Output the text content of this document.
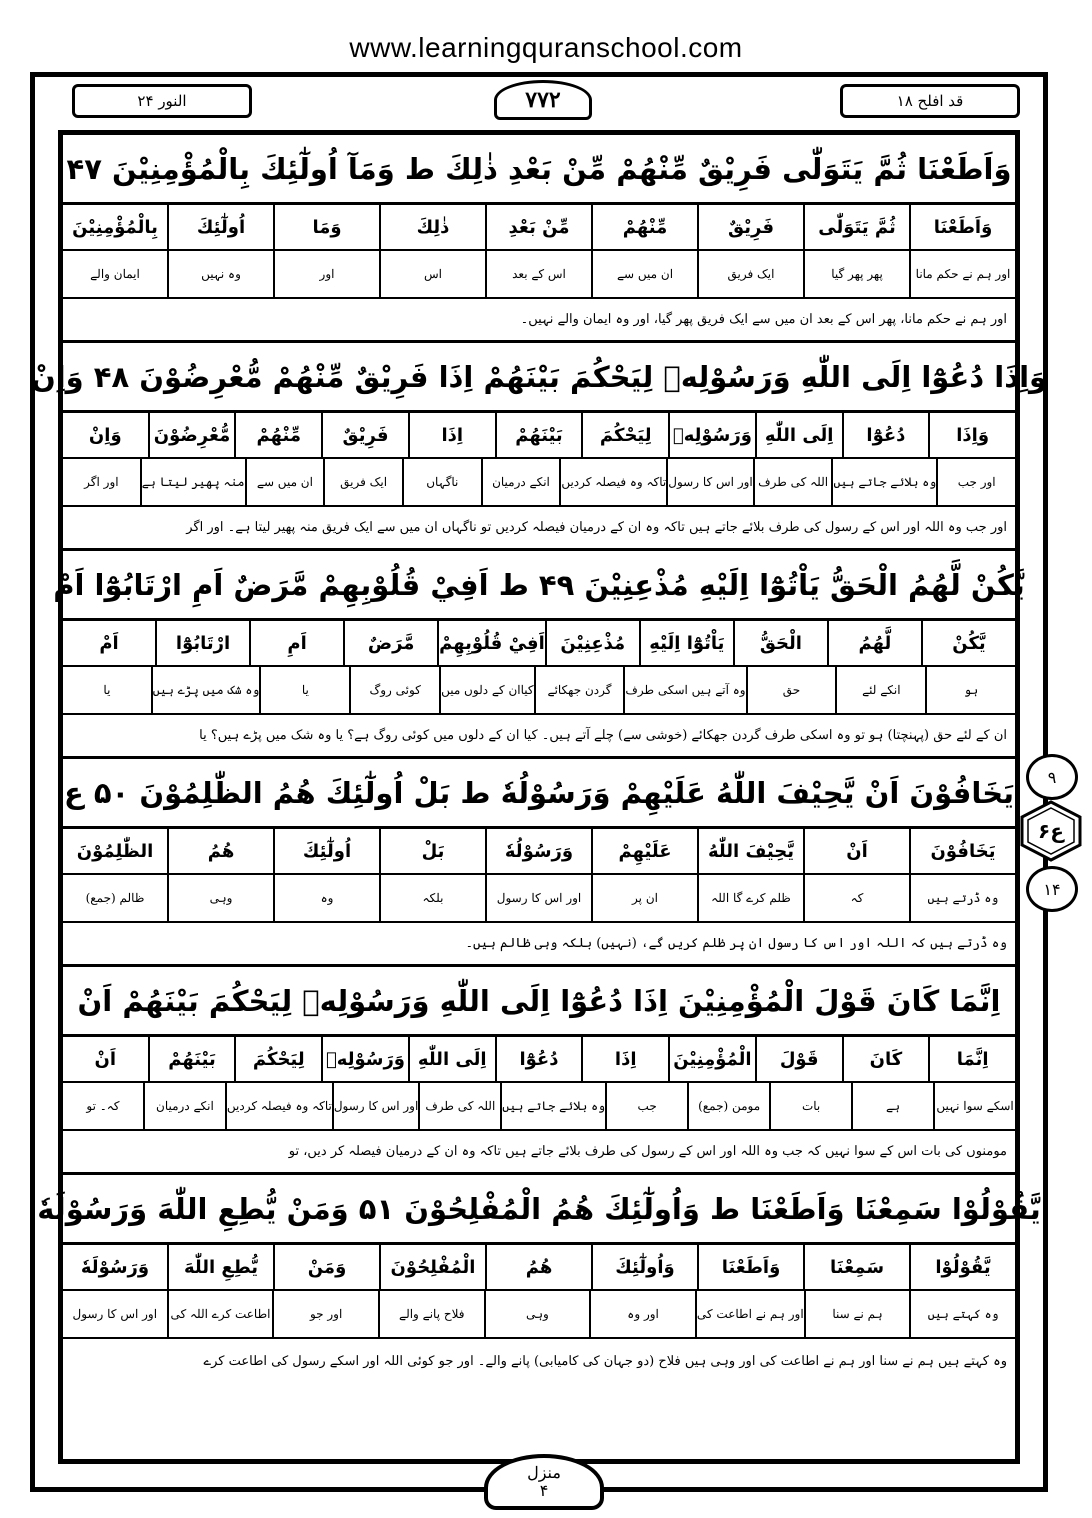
www.learningquranschool.com
النور ۲۴	۷۷۲	قد افلح ۱۸
وَاَطَعْنَا ثُمَّ يَتَوَلّٰى فَرِيْقٌ مِّنْهُمْ مِّنْ بَعْدِ ذٰلِكَ ط وَمَآ اُولٰٓئِكَ بِالْمُؤْمِنِيْنَ ۴۷
وَاَطَعْنَا
ثُمَّ يَتَوَلّٰى
فَرِيْقٌ
مِّنْهُمْ
مِّنْ بَعْدِ
ذٰلِكَ
وَمَا
اُولٰٓئِكَ
بِالْمُؤْمِنِيْنَ
اور ہم نے حکم مانا
پھر پھر گیا
ایک فریق
ان میں سے
اس کے بعد
اس
اور
وہ نہیں
ایمان والے
اور ہم نے حکم مانا، پھر اس کے بعد ان میں سے ایک فریق پھر گیا، اور وہ ایمان والے نہیں۔
وَاِذَا دُعُوْٓا اِلَى اللّٰهِ وَرَسُوْلِهٖ لِيَحْكُمَ بَيْنَهُمْ اِذَا فَرِيْقٌ مِّنْهُمْ مُّعْرِضُوْنَ ۴۸ وَاِنْ
وَاِذَا
دُعُوْٓا
اِلَى اللّٰهِ
وَرَسُوْلِهٖ
لِيَحْكُمَ
بَيْنَهُمْ
اِذَا
فَرِيْقٌ
مِّنْهُمْ
مُّعْرِضُوْنَ
وَاِنْ
اور جب
وہ بلائے جاتے ہیں
اللہ کی طرف
اور اس کا رسول
تاکہ وہ فیصلہ کردیں
انکے درمیان
ناگہاں
ایک فریق
ان میں سے
منہ پھیر لیتا ہے
اور اگر
اور جب وہ اللہ اور اس کے رسول کی طرف بلائے جاتے ہیں تاکہ وہ ان کے درمیان فیصلہ کردیں تو ناگہاں ان میں سے ایک فریق منہ پھیر لیتا ہے۔ اور اگر
يَّكُنْ لَّهُمُ الْحَقُّ يَاْتُوْٓا اِلَيْهِ مُذْعِنِيْنَ ۴۹ ط اَفِيْ قُلُوْبِهِمْ مَّرَضٌ اَمِ ارْتَابُوْٓا اَمْ
يَّكُنْ
لَّهُمُ
الْحَقُّ
يَاْتُوْٓا اِلَيْهِ
مُذْعِنِيْنَ
اَفِيْ قُلُوْبِهِمْ
مَّرَضٌ
اَمِ
ارْتَابُوْٓا
اَمْ
ہو
انکے لئے
حق
وہ آتے ہیں اسکی طرف
گردن جھکائے
کیاان کے دلوں میں
کوئی روگ
یا
وہ شک میں پڑے ہیں
یا
ان کے لئے حق (پہنچتا) ہو تو وہ اسکی طرف گردن جھکائے (خوشی سے) چلے آتے ہیں۔ کیا ان کے دلوں میں کوئی روگ ہے؟ یا وہ شک میں پڑے ہیں؟ یا
يَخَافُوْنَ اَنْ يَّحِيْفَ اللّٰهُ عَلَيْهِمْ وَرَسُوْلُهٗ ط بَلْ اُولٰٓئِكَ هُمُ الظّٰلِمُوْنَ ۵۰ ع
يَخَافُوْنَ
اَنْ
يَّحِيْفَ اللّٰهُ
عَلَيْهِمْ
وَرَسُوْلُهٗ
بَلْ
اُولٰٓئِكَ
هُمُ
الظّٰلِمُوْنَ
وہ ڈرتے ہیں
کہ
ظلم کرے گا اللہ
ان پر
اور اس کا رسول
بلکہ
وہ
وہی
ظالم (جمع)
وہ ڈرتے ہیں کہ اللہ اور اس کا رسول ان پر ظلم کریں گے، (نہیں) بلکہ وہی ظالم ہیں۔
اِنَّمَا كَانَ قَوْلَ الْمُؤْمِنِيْنَ اِذَا دُعُوْٓا اِلَى اللّٰهِ وَرَسُوْلِهٖ لِيَحْكُمَ بَيْنَهُمْ اَنْ
اِنَّمَا
كَانَ
قَوْلَ
الْمُؤْمِنِيْنَ
اِذَا
دُعُوْٓا
اِلَى اللّٰهِ
وَرَسُوْلِهٖ
لِيَحْكُمَ
بَيْنَهُمْ
اَنْ
اسکے سوا نہیں
ہے
بات
مومن (جمع)
جب
وہ بلائے جاتے ہیں
اللہ کی طرف
اور اس کا رسول
تاکہ وہ فیصلہ کردیں
انکے درمیان
کہ۔ تو
مومنوں کی بات اس کے سوا نہیں کہ جب وہ اللہ اور اس کے رسول کی طرف بلائے جاتے ہیں تاکہ وہ ان کے درمیان فیصلہ کر دیں، تو
يَّقُوْلُوْا سَمِعْنَا وَاَطَعْنَا ط وَاُولٰٓئِكَ هُمُ الْمُفْلِحُوْنَ ۵۱ وَمَنْ يُّطِعِ اللّٰهَ وَرَسُوْلَهٗ
يَّقُوْلُوْا
سَمِعْنَا
وَاَطَعْنَا
وَاُولٰٓئِكَ
هُمُ
الْمُفْلِحُوْنَ
وَمَنْ
يُّطِعِ اللّٰهَ
وَرَسُوْلَهٗ
وہ کہتے ہیں
ہم نے سنا
اور ہم نے اطاعت کی
اور وہ
وہی
فلاح پانے والے
اور جو
اطاعت کرے اللہ کی
اور اس کا رسول
وہ کہتے ہیں ہم نے سنا اور ہم نے اطاعت کی اور وہی ہیں فلاح (دو جہان کی کامیابی) پانے والے۔ اور جو کوئی اللہ اور اسکے رسول کی اطاعت کرے
۹
ع۶
۱۴
منزل
۴
